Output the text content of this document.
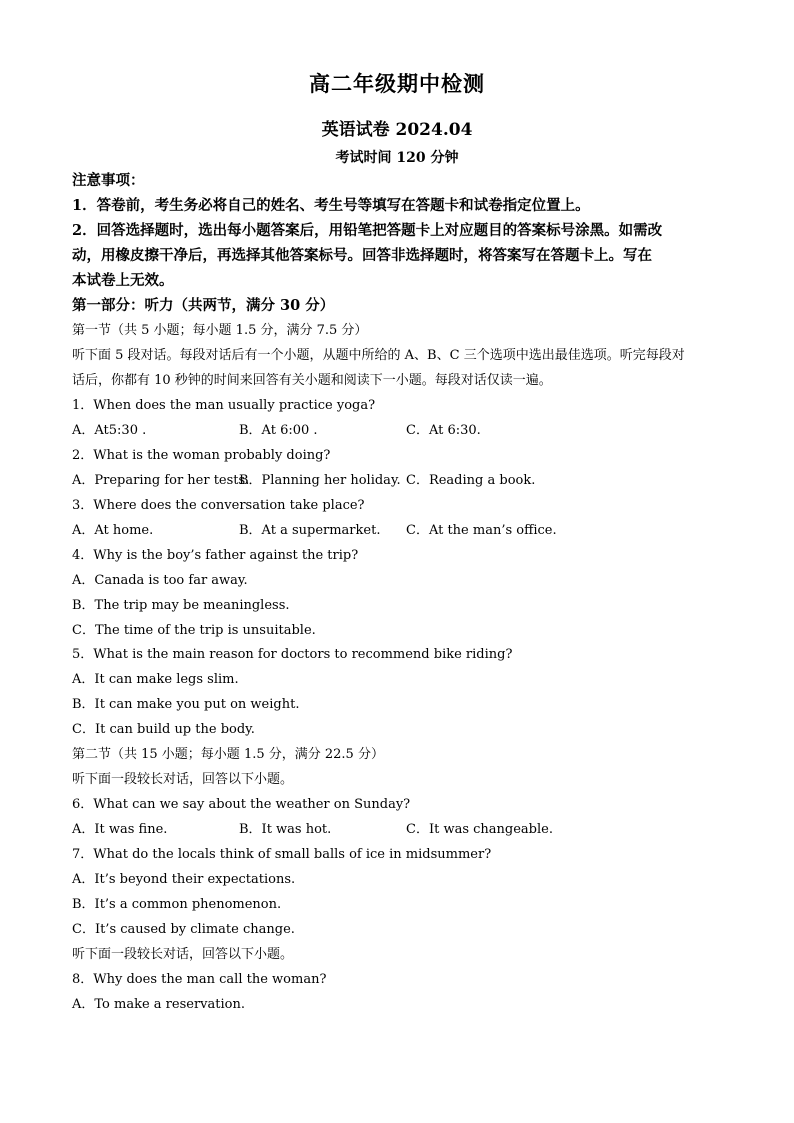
高二年级期中检测
英语试卷 2024.04
考试时间 120 分钟
注意事项：
1．答卷前，考生务必将自己的姓名、考生号等填写在答题卡和试卷指定位置上。
2．回答选择题时，选出每小题答案后，用铅笔把答题卡上对应题目的答案标号涂黑。如需改
动，用橡皮擦干净后，再选择其他答案标号。回答非选择题时，将答案写在答题卡上。写在
本试卷上无效。
第一部分：听力（共两节，满分 30 分）
第一节（共 5 小题；每小题 1.5 分，满分 7.5 分）
听下面 5 段对话。每段对话后有一个小题，从题中所给的 A、B、C 三个选项中选出最佳选项。听完每段对
话后，你都有 10 秒钟的时间来回答有关小题和阅读下一小题。每段对话仅读一遍。
1．When does the man usually practice yoga?
A．At5:30 .	B．At 6:00 .	C．At 6:30.
2．What is the woman probably doing?
A．Preparing for her tests.
B．Planning her holiday. C．Reading a book.
3．Where does the conversation take place?
A．At home.	B．At a supermarket. C．At the man’s office.
4．Why is the boy’s father against the trip?
A．Canada is too far away.
B．The trip may be meaningless.
C．The time of the trip is unsuitable.
5．What is the main reason for doctors to recommend bike riding?
A．It can make legs slim.
B．It can make you put on weight.
C．It can build up the body.
第二节（共 15 小题；每小题 1.5 分，满分 22.5 分）
听下面一段较长对话，回答以下小题。
6．What can we say about the weather on Sunday?
A．It was fine.	B．It was hot.	C．It was changeable.
7．What do the locals think of small balls of ice in midsummer?
A．It’s beyond their expectations.
B．It’s a common phenomenon.
C．It’s caused by climate change.
听下面一段较长对话，回答以下小题。
8．Why does the man call the woman?
A．To make a reservation.
